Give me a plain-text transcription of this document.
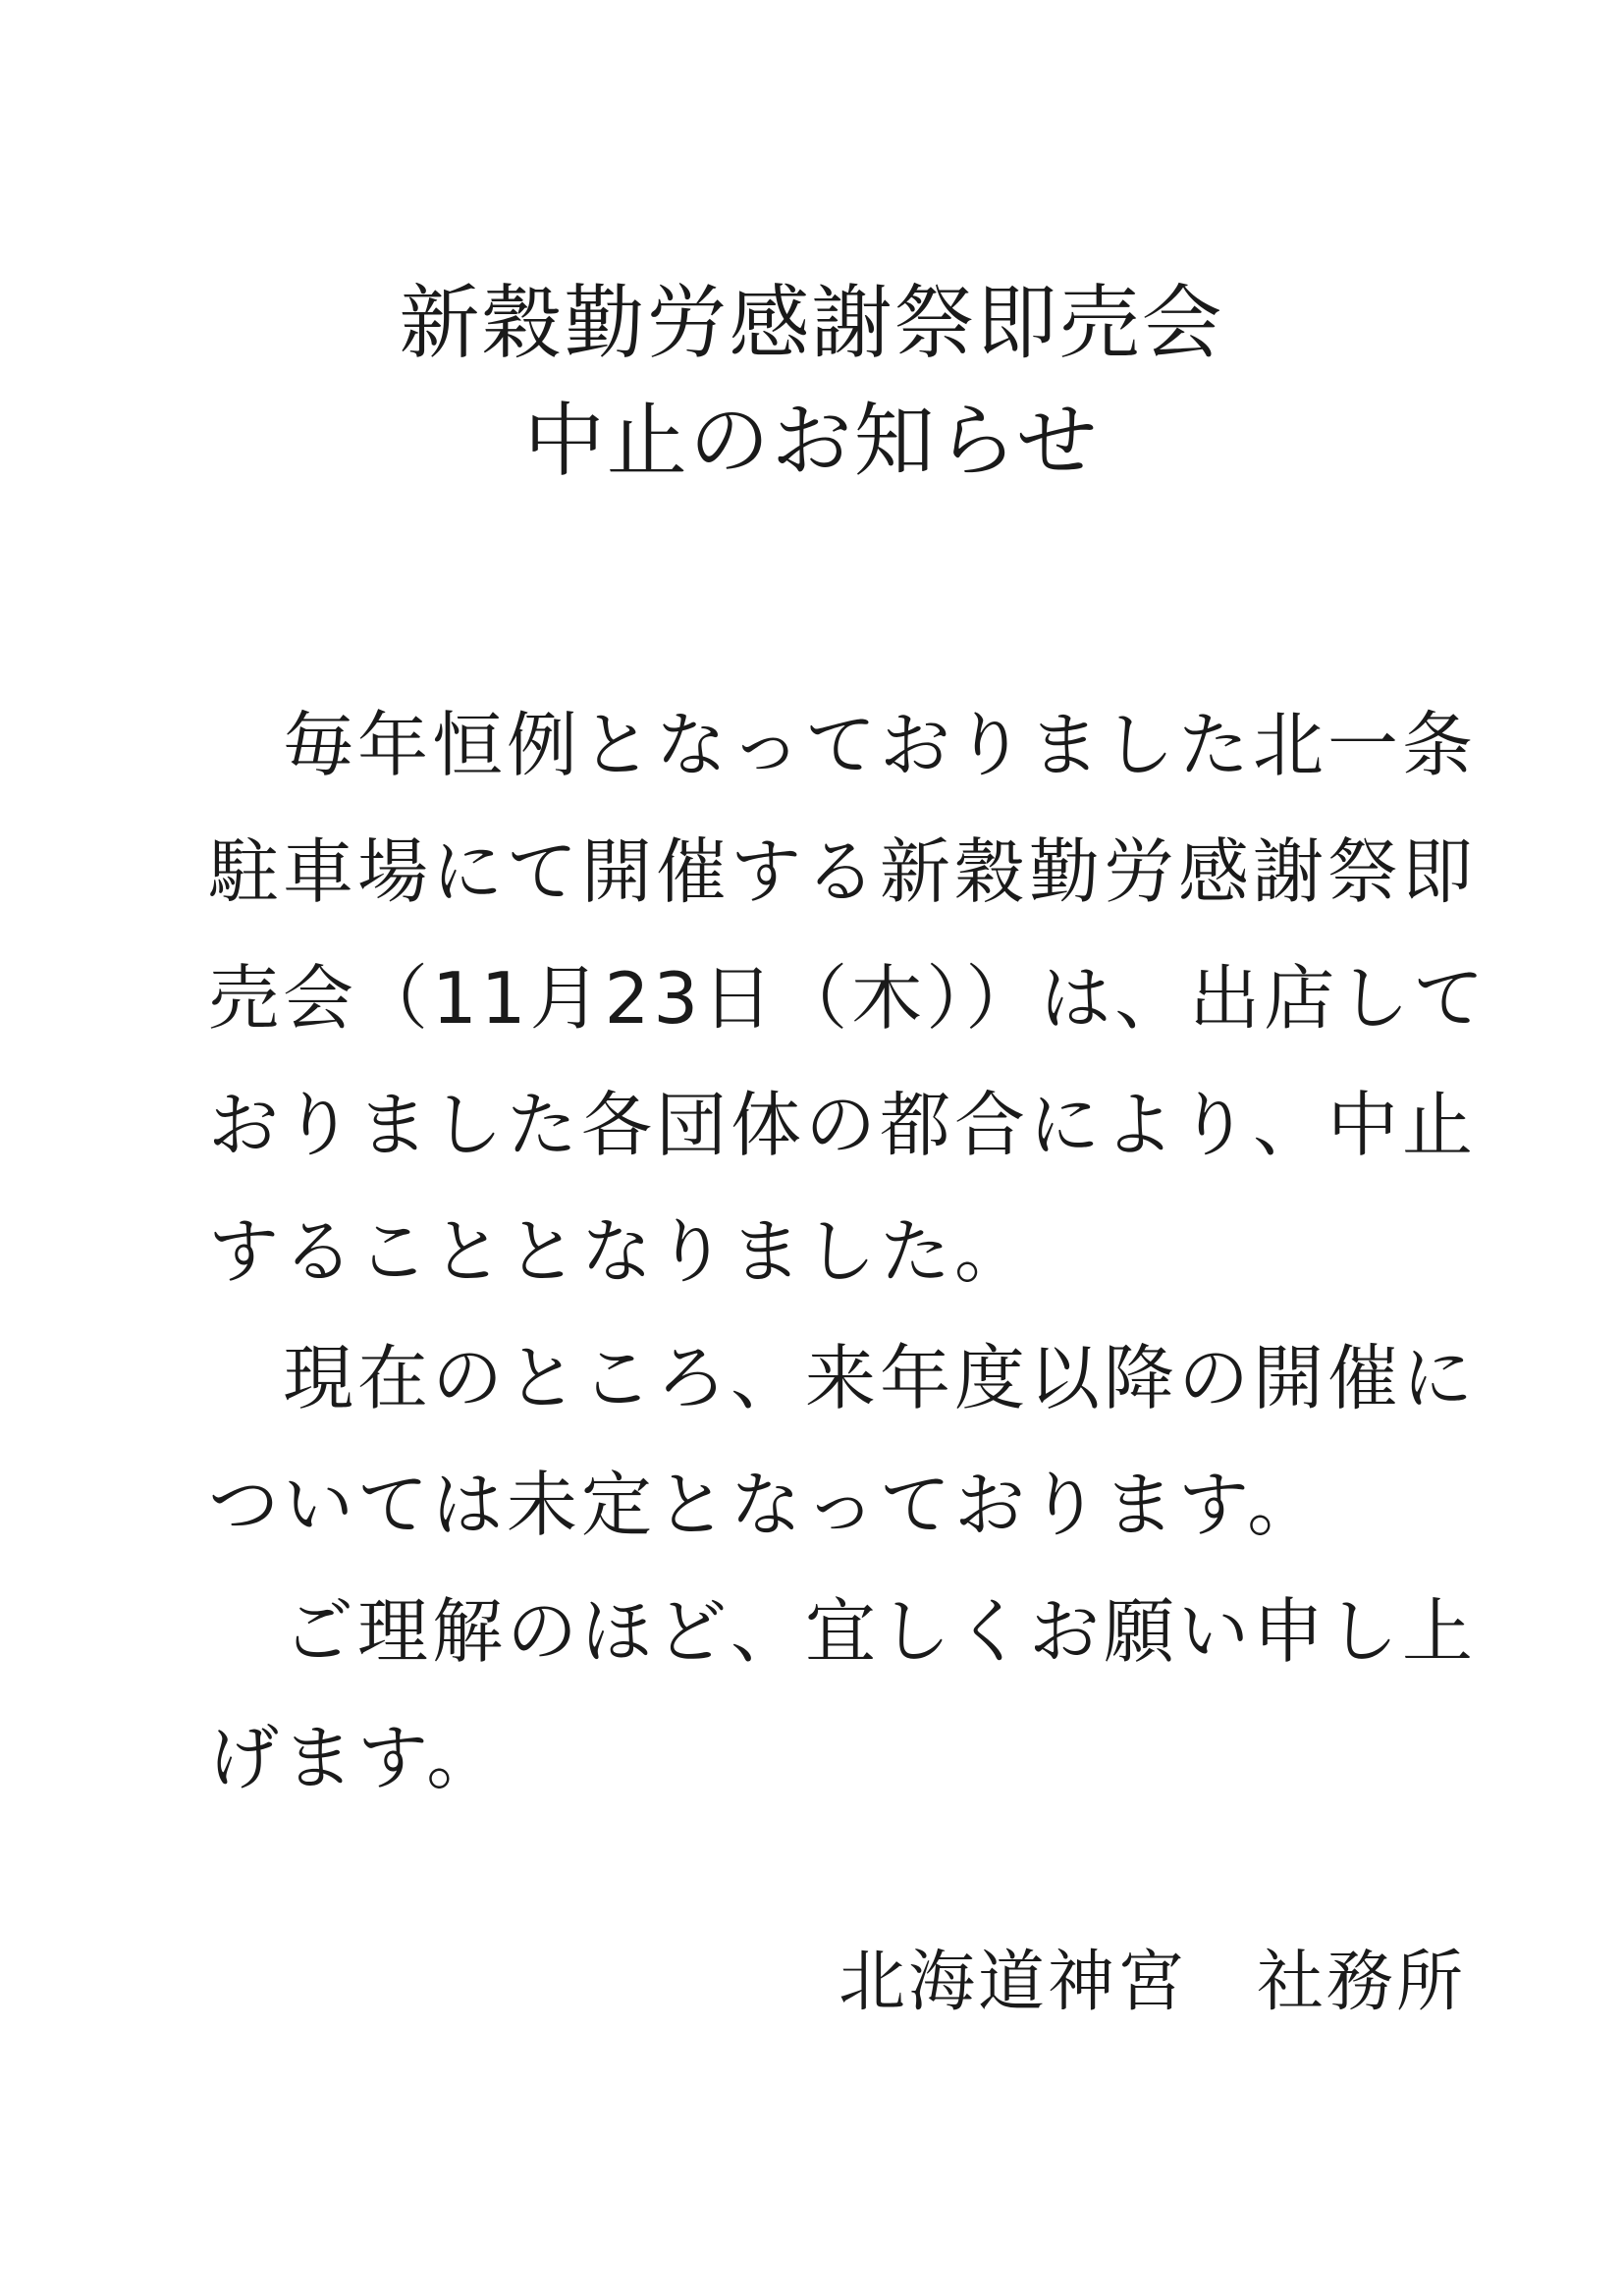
新穀勤労感謝祭即売会
中止のお知らせ
　毎年恒例となっておりました北一条
駐車場にて開催する新穀勤労感謝祭即
売会（11月23日（木））は、出店して
おりました各団体の都合により、中止
することとなりました。
　現在のところ、来年度以降の開催に
ついては未定となっております。
　ご理解のほど、宜しくお願い申し上
げます。
北海道神宮　社務所
